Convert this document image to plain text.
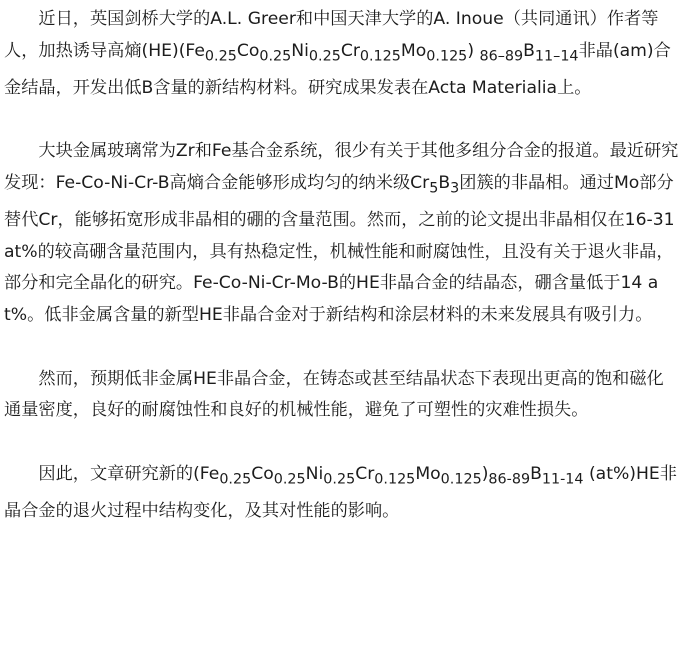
近日，英国剑桥大学的A.L. Greer和中国天津大学的A. Inoue（共同通讯）作者等人，加热诱导高熵$(HE)(Fe_{0.25}Co_{0.25}Ni_{0.25}Cr_{0.125}Mo_{0.125})$ $_{86-89}B_{11-14}$非晶(am)合金结晶，开发出低B含量的新结构材料。研究成果发表在Acta Materialia上。

大块金属玻璃常为Zr和Fe基合金系统，很少有关于其他多组分合金的报道。最近研究发现：Fe-Co-Ni-Cr-B高熵合金能够形成均匀的纳米级$Cr_5B_3$团簇的非晶相。通过Mo部分替代Cr，能够拓宽形成非晶相的硼的含量范围。然而，之前的论文提出非晶相仅在16-31 at%的较高硼含量范围内，具有热稳定性，机械性能和耐腐蚀性，且没有关于退火非晶，部分和完全晶化的研究。Fe-Co-Ni-Cr-Mo-B的HE非晶合金的结晶态，硼含量低于14 at%。低非金属含量的新型HE非晶合金对于新结构和涂层材料的未来发展具有吸引力。

然而，预期低非金属HE非晶合金，在铸态或甚至结晶状态下表现出更高的饱和磁化通量密度，良好的耐腐蚀性和良好的机械性能，避免了可塑性的灾难性损失。

因此，文章研究新的$(Fe_{0.25}Co_{0.25}Ni_{0.25}Cr_{0.125}Mo_{0.125})_{86-89}B_{11-14}$ (at%)HE非晶合金的退火过程中结构变化，及其对性能的影响。
